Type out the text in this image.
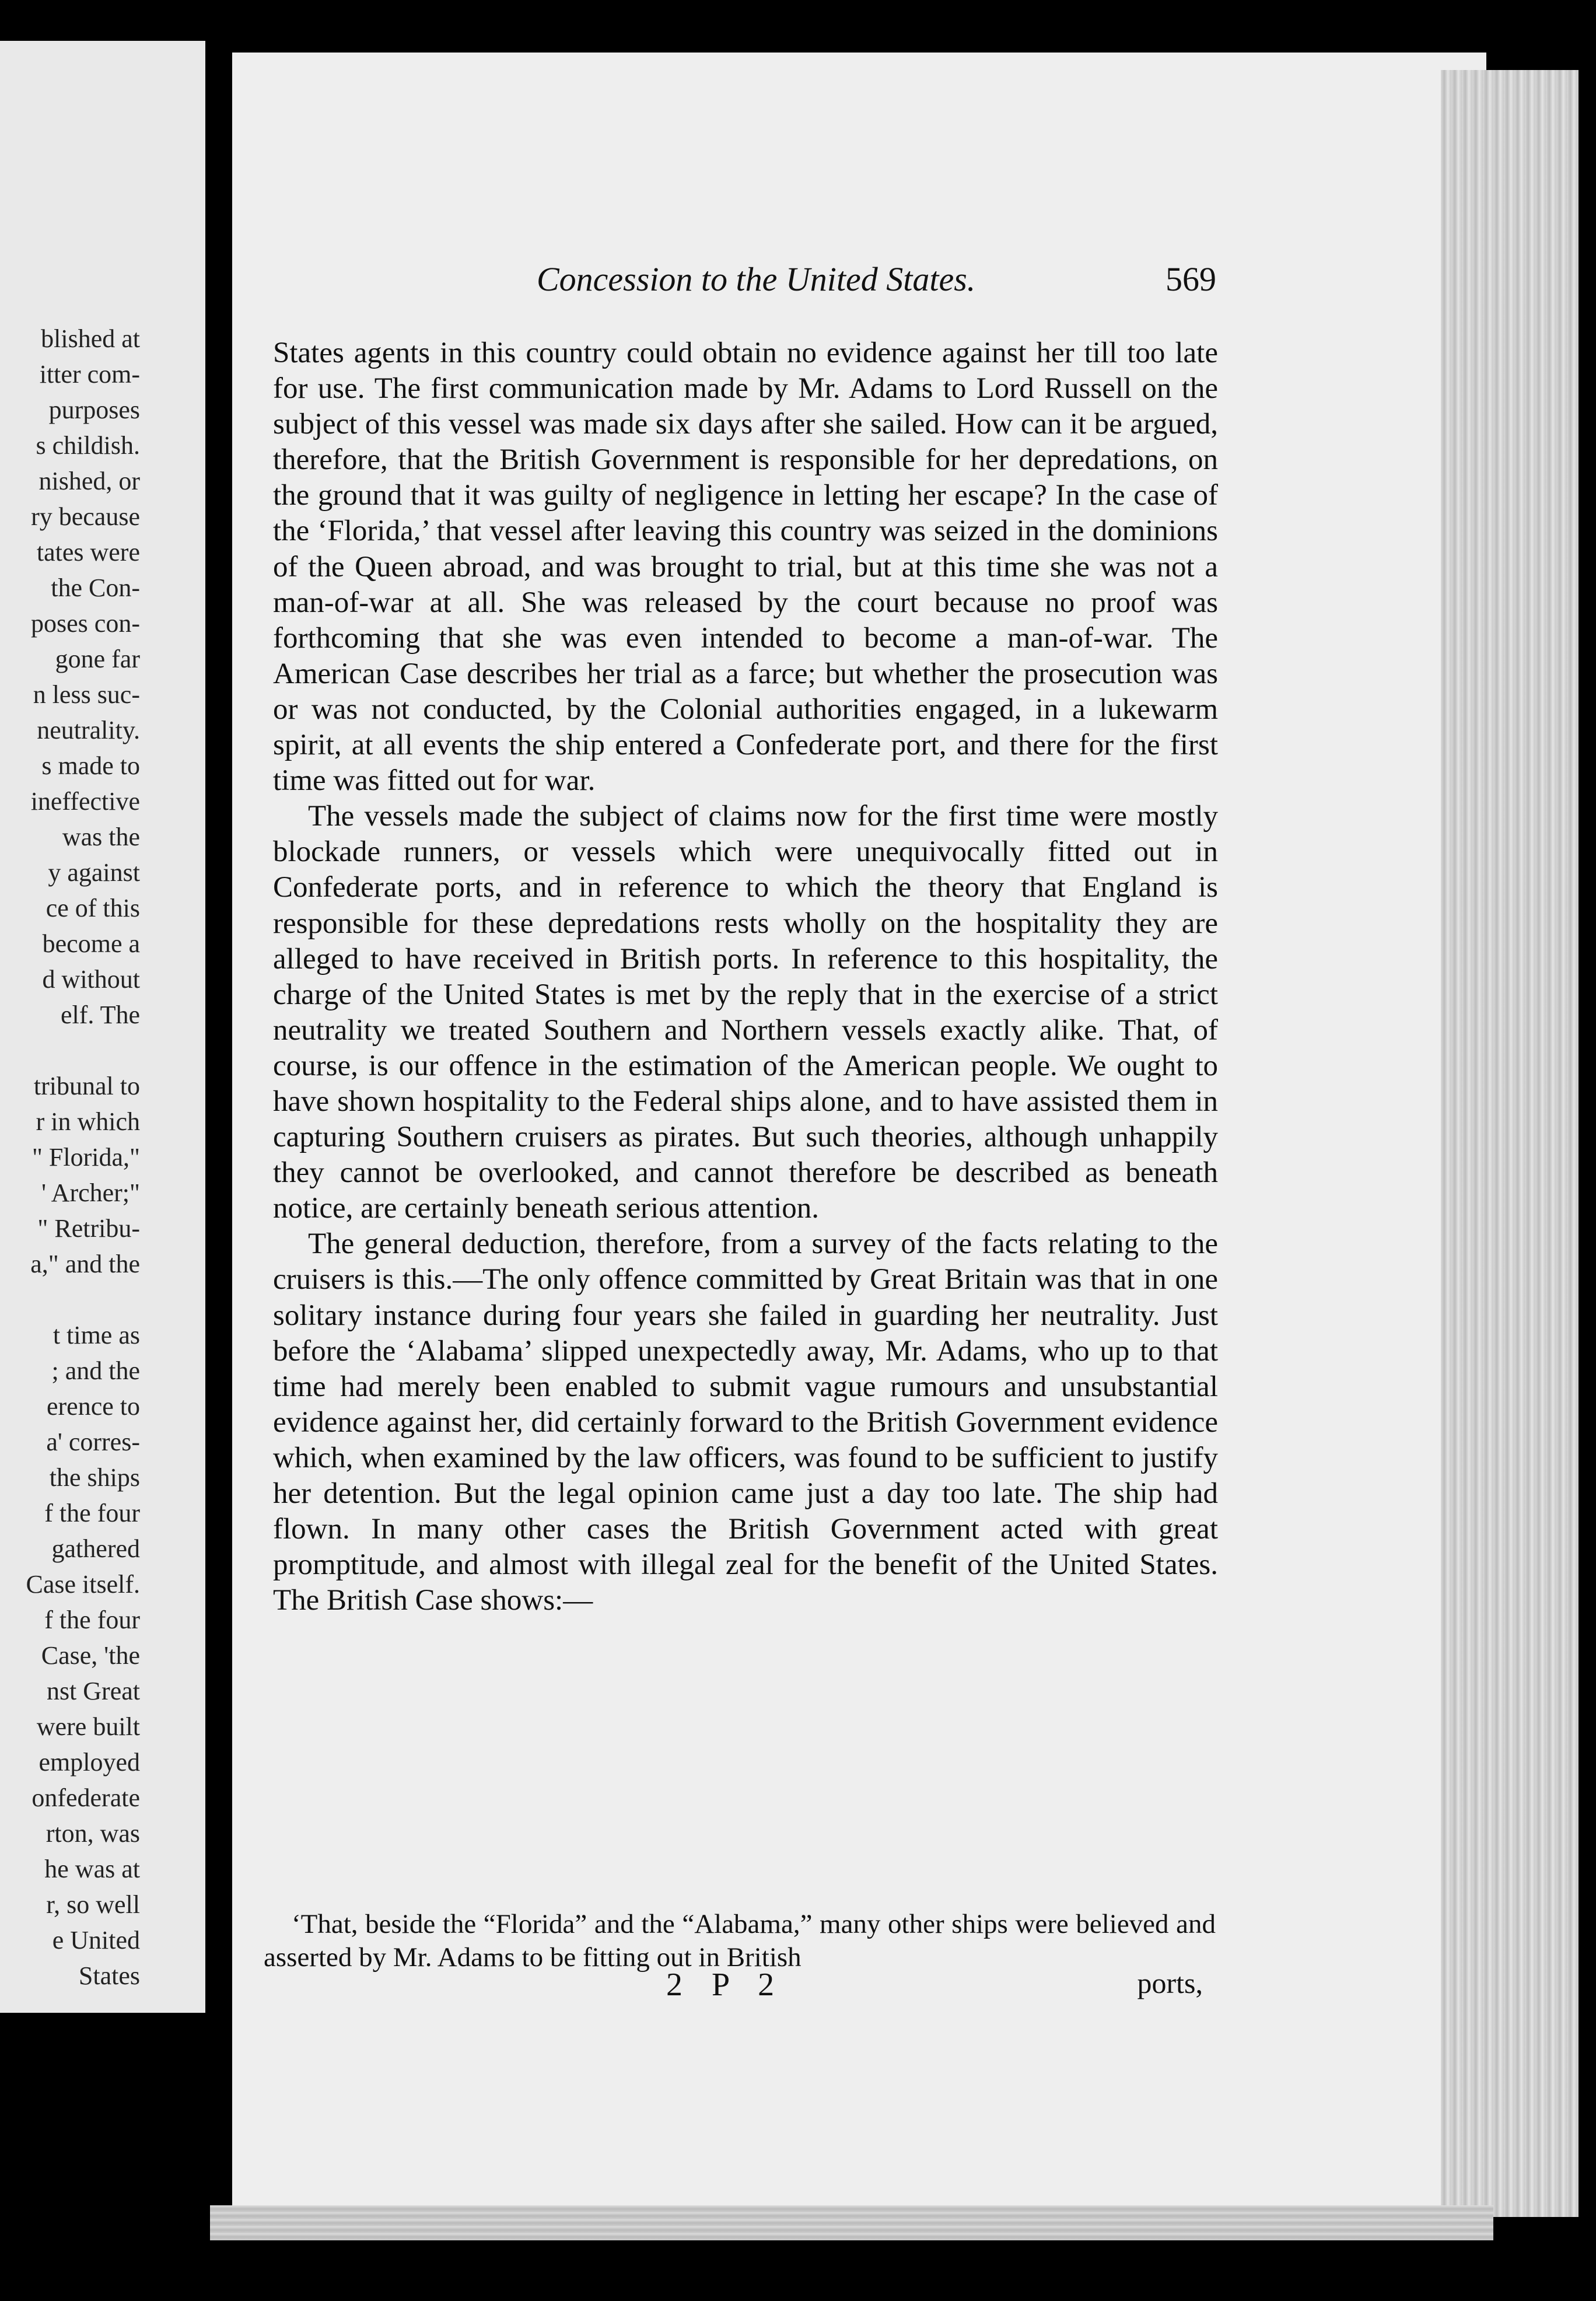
blished at
itter com-
purposes
s childish.
nished, or
ry because
tates were
the Con-
poses con-
gone far
n less suc-
neutrality.
s made to
ineffective
was the
y against
ce of this
become a
d without
elf. The
tribunal to
r in which
" Florida,"
' Archer;"
" Retribu-
a," and the
t time as
; and the
erence to
a' corres-
the ships
f the four
gathered
Case itself.
f the four
Case, 'the
nst Great
were built
employed
onfederate
rton, was
he was at
r, so well
e United
States
Concession to the United States.	569

States agents in this country could obtain no evidence against her till too late for use. The first communication made by Mr. Adams to Lord Russell on the subject of this vessel was made six days after she sailed. How can it be argued, therefore, that the British Government is responsible for her depredations, on the ground that it was guilty of negligence in letting her escape? In the case of the ‘Florida,’ that vessel after leaving this country was seized in the dominions of the Queen abroad, and was brought to trial, but at this time she was not a man-of-war at all. She was released by the court because no proof was forthcoming that she was even intended to become a man-of-war. The American Case describes her trial as a farce; but whether the prosecution was or was not conducted, by the Colonial authorities engaged, in a lukewarm spirit, at all events the ship entered a Confederate port, and there for the first time was fitted out for war.

The vessels made the subject of claims now for the first time were mostly blockade runners, or vessels which were unequivocally fitted out in Confederate ports, and in reference to which the theory that England is responsible for these depredations rests wholly on the hospitality they are alleged to have received in British ports. In reference to this hospitality, the charge of the United States is met by the reply that in the exercise of a strict neutrality we treated Southern and Northern vessels exactly alike. That, of course, is our offence in the estimation of the American people. We ought to have shown hospitality to the Federal ships alone, and to have assisted them in capturing Southern cruisers as pirates. But such theories, although unhappily they cannot be overlooked, and cannot therefore be described as beneath notice, are certainly beneath serious attention.

The general deduction, therefore, from a survey of the facts relating to the cruisers is this.—The only offence committed by Great Britain was that in one solitary instance during four years she failed in guarding her neutrality. Just before the ‘Alabama’ slipped unexpectedly away, Mr. Adams, who up to that time had merely been enabled to submit vague rumours and unsubstantial evidence against her, did certainly forward to the British Government evidence which, when examined by the law officers, was found to be sufficient to justify her detention. But the legal opinion came just a day too late. The ship had flown. In many other cases the British Government acted with great promptitude, and almost with illegal zeal for the benefit of the United States. The British Case shows:—

‘That, beside the “Florida” and the “Alabama,” many other ships were believed and asserted by Mr. Adams to be fitting out in British

2 P 2	ports,
